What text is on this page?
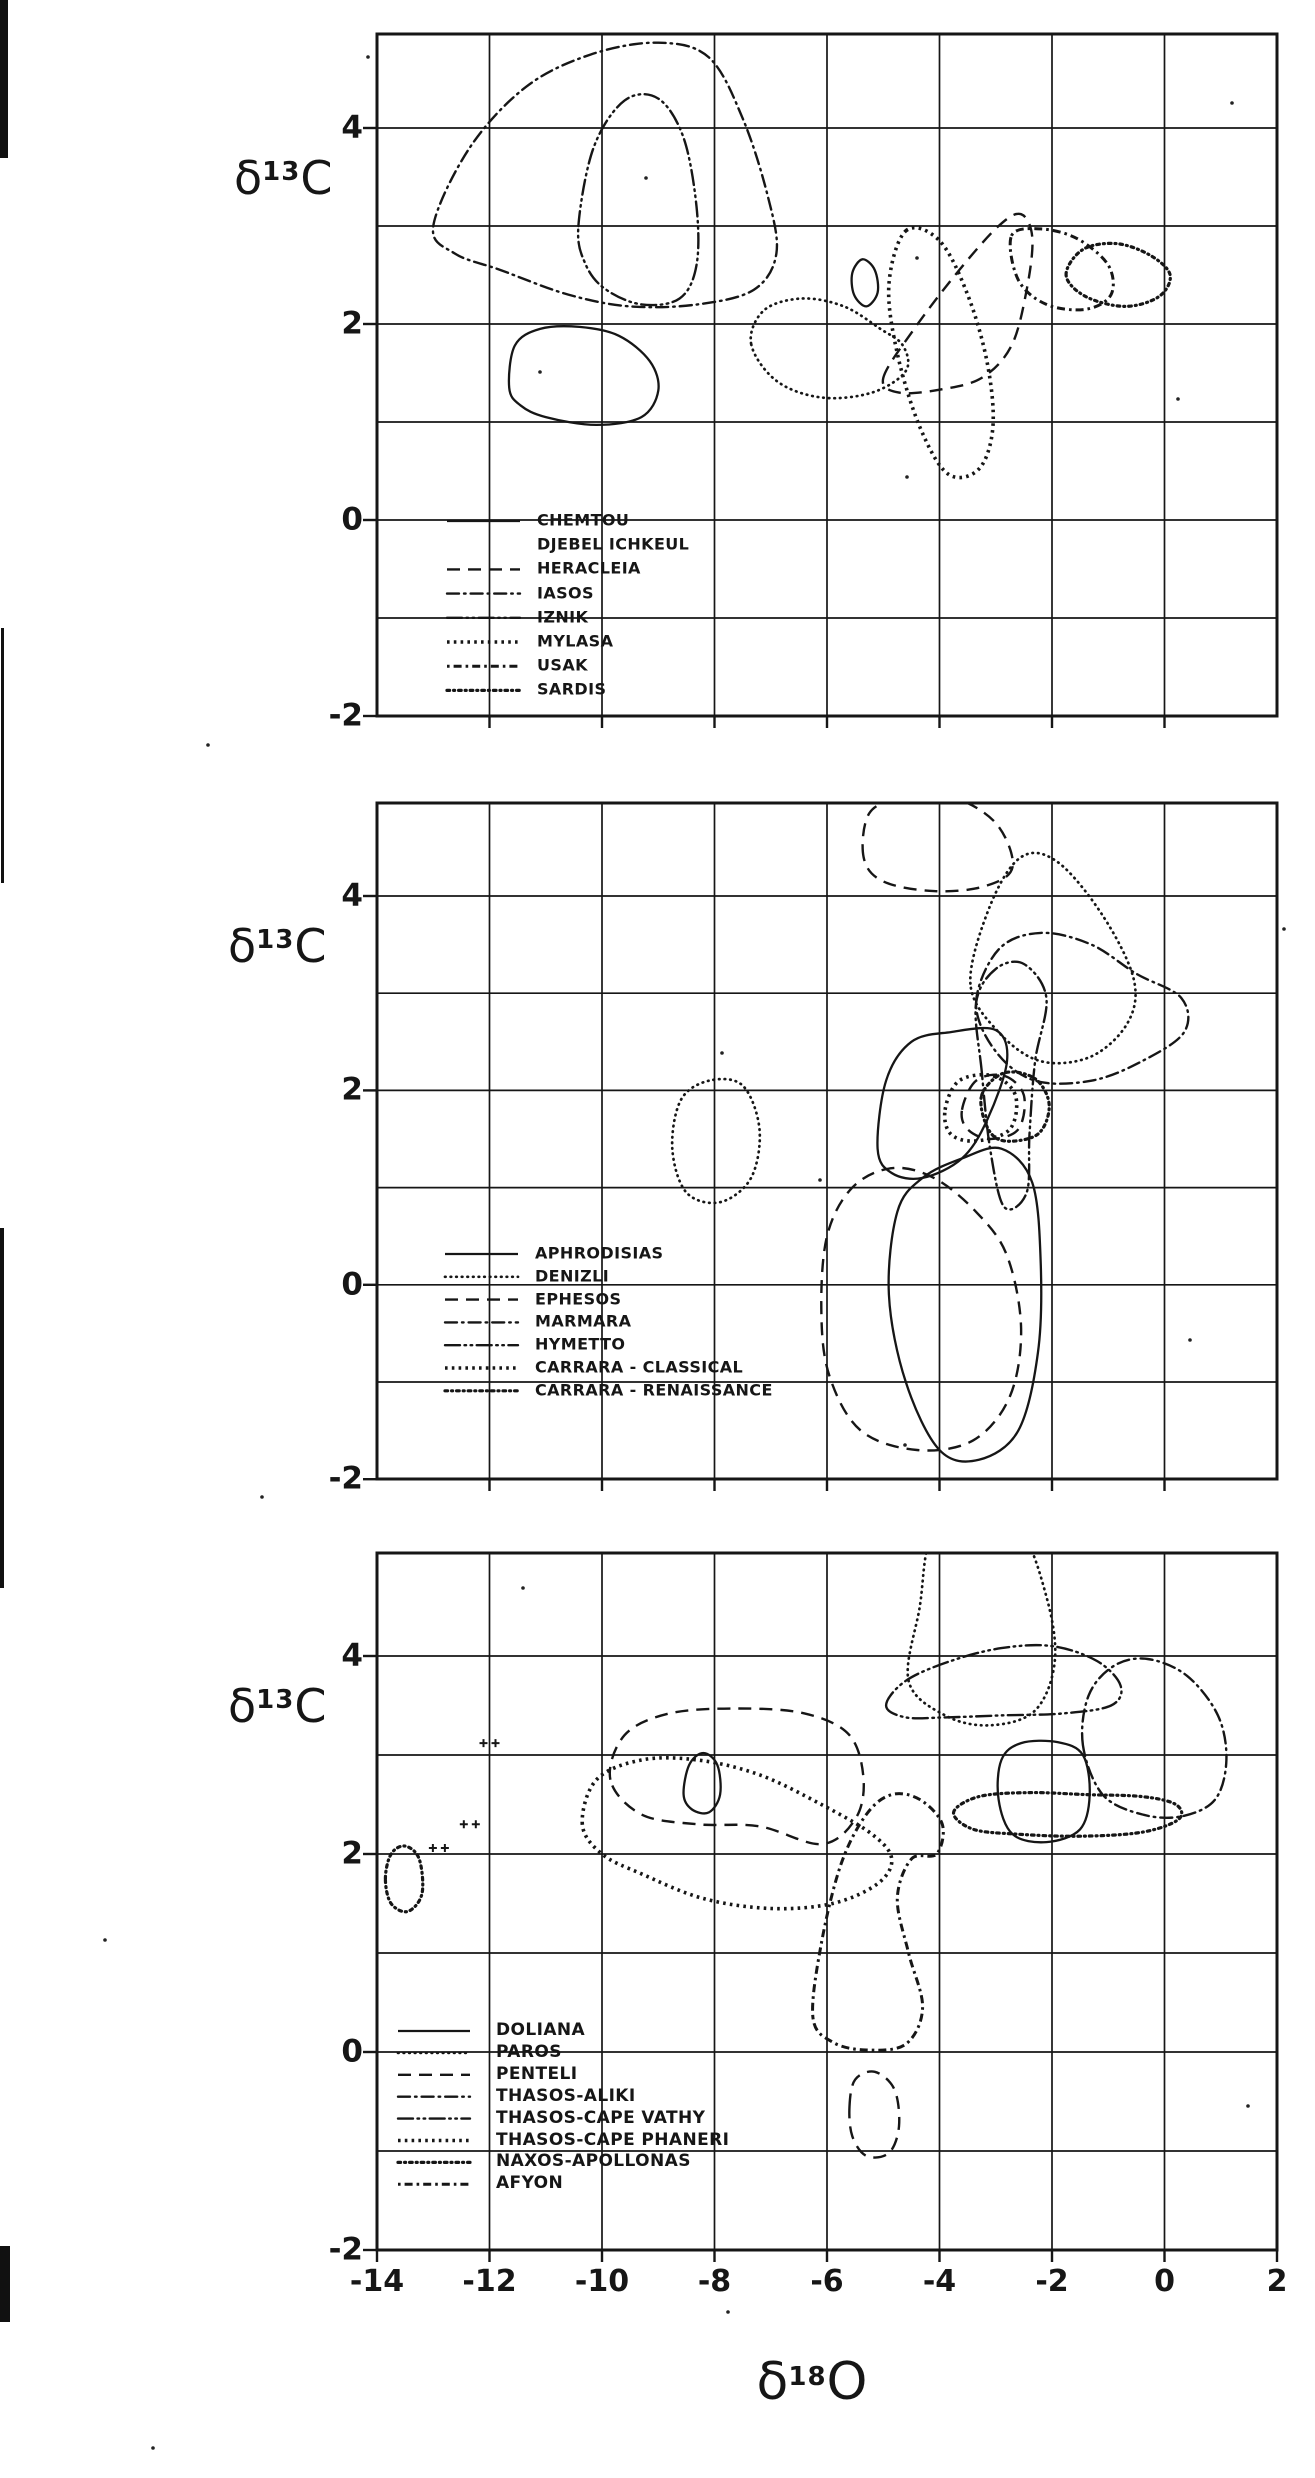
$\delta^{13}C$
$\delta^{13}C$
$\delta^{13}C$
$\delta^{18}O$
CHEMTOU
DJEBEL ICHKEUL
HERACLEIA
IASOS
IZNIK
MYLASA
USAK
SARDIS
4
2
0
-2
APHRODISIAS
DENIZLI
EPHESOS
MARMARA
HYMETTO
CARRARA - CLASSICAL
CARRARA - RENAISSANCE
4
2
0
-2
DOLIANA
PAROS
PENTELI
THASOS-ALIKI
THASOS-CAPE VATHY
THASOS-CAPE PHANERI
NAXOS-APOLLONAS
AFYON
4
2
0
-2
-14	-12	-10	-8	-6	-4	-2	0	2
